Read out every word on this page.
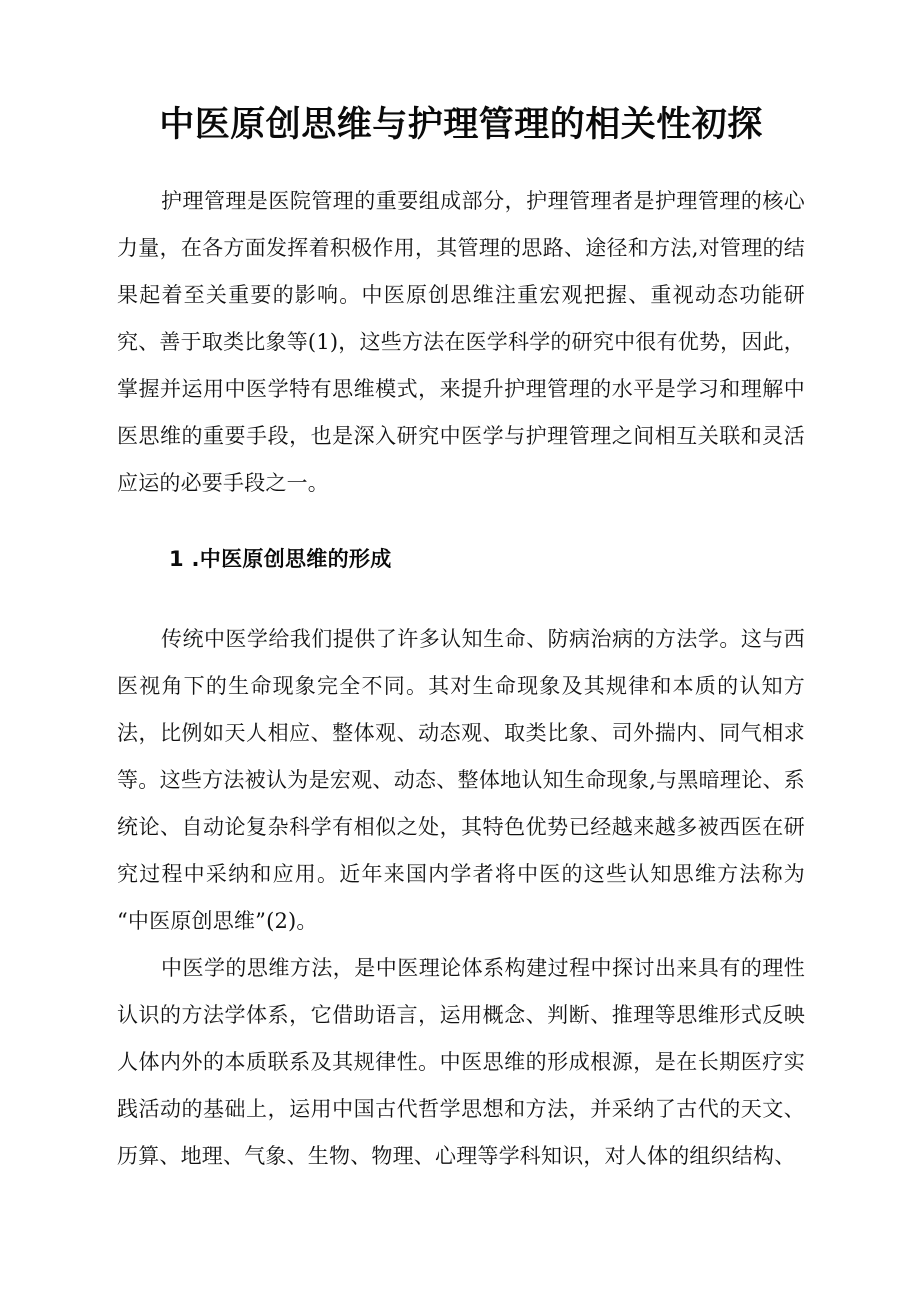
中医原创思维与护理管理的相关性初探

护理管理是医院管理的重要组成部分，护理管理者是护理管理的核心力量，在各方面发挥着积极作用，其管理的思路、途径和方法,对管理的结果起着至关重要的影响。中医原创思维注重宏观把握、重视动态功能研究、善于取类比象等(1)，这些方法在医学科学的研究中很有优势，因此，掌握并运用中医学特有思维模式，来提升护理管理的水平是学习和理解中医思维的重要手段，也是深入研究中医学与护理管理之间相互关联和灵活应运的必要手段之一。

1 .中医原创思维的形成

传统中医学给我们提供了许多认知生命、防病治病的方法学。这与西医视角下的生命现象完全不同。其对生命现象及其规律和本质的认知方法，比例如天人相应、整体观、动态观、取类比象、司外揣内、同气相求等。这些方法被认为是宏观、动态、整体地认知生命现象,与黑暗理论、系统论、自动论复杂科学有相似之处，其特色优势已经越来越多被西医在研究过程中采纳和应用。近年来国内学者将中医的这些认知思维方法称为“中医原创思维”(2)。

中医学的思维方法，是中医理论体系构建过程中探讨出来具有的理性认识的方法学体系，它借助语言，运用概念、判断、推理等思维形式反映人体内外的本质联系及其规律性。中医思维的形成根源，是在长期医疗实践活动的基础上，运用中国古代哲学思想和方法，并采纳了古代的天文、历算、地理、气象、生物、物理、心理等学科知识，对人体的组织结构、
